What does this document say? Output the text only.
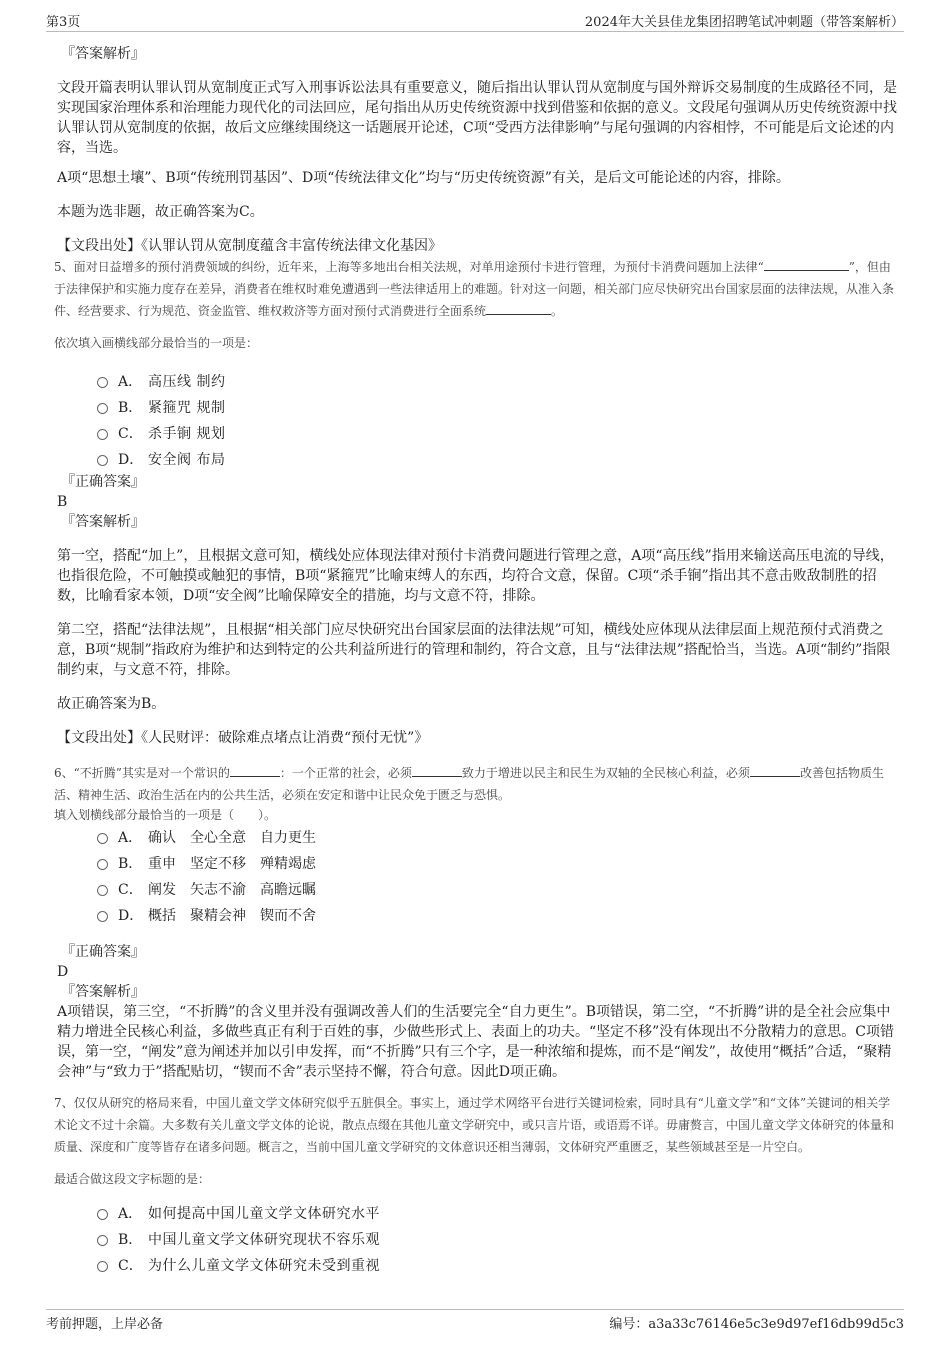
第3页	2024年大关县佳龙集团招聘笔试冲刺题（带答案解析）
『答案解析』
文段开篇表明认罪认罚从宽制度正式写入刑事诉讼法具有重要意义，随后指出认罪认罚从宽制度与国外辩诉交易制度的生成路径不同，是实现国家治理体系和治理能力现代化的司法回应，尾句指出从历史传统资源中找到借鉴和依据的意义。文段尾句强调从历史传统资源中找认罪认罚从宽制度的依据，故后文应继续围绕这一话题展开论述，C项“受西方法律影响”与尾句强调的内容相悖，不可能是后文论述的内容，当选。
A项“思想土壤”、B项“传统刑罚基因”、D项“传统法律文化”均与“历史传统资源”有关，是后文可能论述的内容，排除。
本题为选非题，故正确答案为C。
【文段出处】《认罪认罚从宽制度蕴含丰富传统法律文化基因》
5、面对日益增多的预付消费领域的纠纷，近年来，上海等多地出台相关法规，对单用途预付卡进行管理，为预付卡消费问题加上法律“	”，但由于法律保护和实施力度存在差异，消费者在维权时难免遭遇到一些法律适用上的难题。针对这一问题，相关部门应尽快研究出台国家层面的法律法规，从准入条件、经营要求、行为规范、资金监管、维权救济等方面对预付式消费进行全面系统	。
依次填入画横线部分最恰当的一项是：
A． 高压线 制约
B． 紧箍咒 规制
C． 杀手锏 规划
D． 安全阀 布局
『正确答案』
B
『答案解析』
第一空，搭配“加上”，且根据文意可知，横线处应体现法律对预付卡消费问题进行管理之意，A项“高压线”指用来输送高压电流的导线，也指很危险，不可触摸或触犯的事情，B项“紧箍咒”比喻束缚人的东西，均符合文意，保留。C项“杀手锏”指出其不意击败敌制胜的招数，比喻看家本领，D项“安全阀”比喻保障安全的措施，均与文意不符，排除。
第二空，搭配“法律法规”，且根据“相关部门应尽快研究出台国家层面的法律法规”可知，横线处应体现从法律层面上规范预付式消费之意，B项“规制”指政府为维护和达到特定的公共利益所进行的管理和制约，符合文意，且与“法律法规”搭配恰当，当选。A项“制约”指限制约束，与文意不符，排除。
故正确答案为B。
【文段出处】《人民财评：破除难点堵点让消费“预付无忧”》
6、“不折腾”其实是对一个常识的	：一个正常的社会，必须	致力于增进以民主和民生为双轴的全民核心利益，必须	改善包括物质生活、精神生活、政治生活在内的公共生活，必须在安定和谐中让民众免于匮乏与恐惧。
填入划横线部分最恰当的一项是（　　）。
A． 确认 全心全意 自力更生
B． 重申 坚定不移 殚精竭虑
C． 阐发 矢志不渝 高瞻远瞩
D． 概括 聚精会神 锲而不舍
『正确答案』
D
『答案解析』
A项错误，第三空，“不折腾”的含义里并没有强调改善人们的生活要完全“自力更生”。B项错误，第二空，“不折腾”讲的是全社会应集中精力增进全民核心利益，多做些真正有利于百姓的事，少做些形式上、表面上的功夫。“坚定不移”没有体现出不分散精力的意思。C项错误，第一空，“阐发”意为阐述并加以引申发挥，而“不折腾”只有三个字，是一种浓缩和提炼，而不是“阐发”，故使用“概括”合适，“聚精会神”与“致力于”搭配贴切，“锲而不舍”表示坚持不懈，符合句意。因此D项正确。
7、仅仅从研究的格局来看，中国儿童文学文体研究似乎五脏俱全。事实上，通过学术网络平台进行关键词检索，同时具有“儿童文学”和“文体”关键词的相关学术论文不过十余篇。大多数有关儿童文学文体的论说，散点点缀在其他儿童文学研究中，或只言片语，或语焉不详。毋庸赘言，中国儿童文学文体研究的体量和质量、深度和广度等皆存在诸多问题。概言之，当前中国儿童文学研究的文体意识还相当薄弱，文体研究严重匮乏，某些领域甚至是一片空白。
最适合做这段文字标题的是：
A． 如何提高中国儿童文学文体研究水平
B． 中国儿童文学文体研究现状不容乐观
C． 为什么儿童文学文体研究未受到重视
考前押题，上岸必备	编号：a3a33c76146e5c3e9d97ef16db99d5c3
